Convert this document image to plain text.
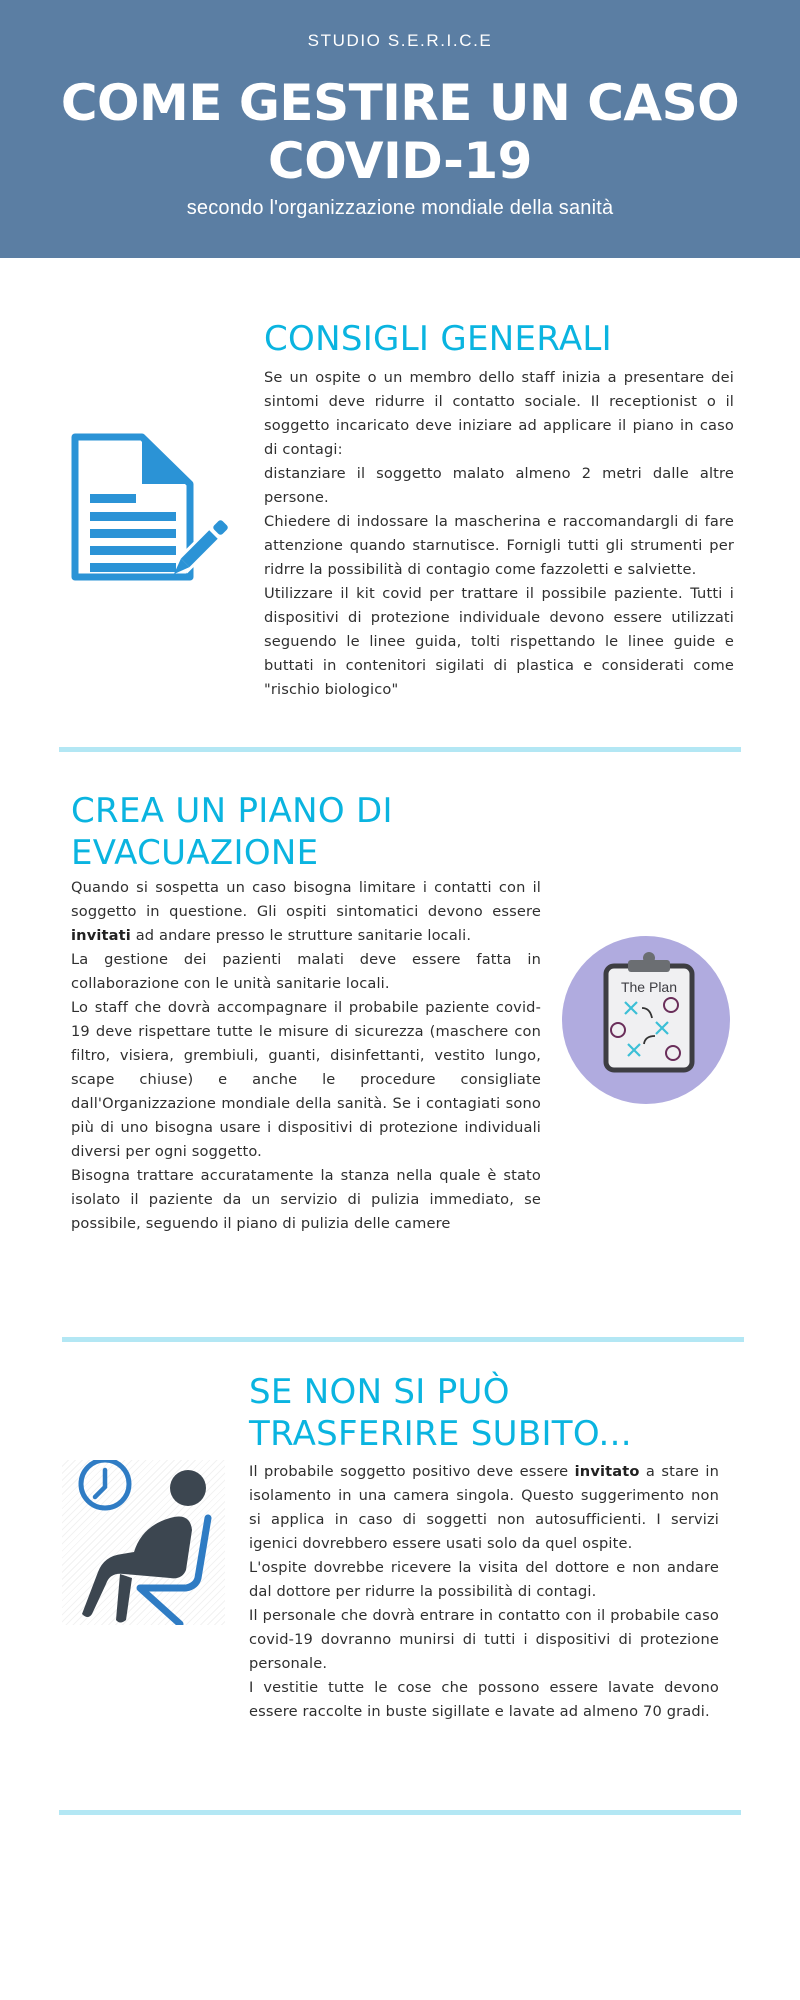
STUDIO S.E.R.I.C.E
COME GESTIRE UN CASO
COVID-19
secondo l'organizzazione mondiale della sanità
CONSIGLI GENERALI

Se un ospite o un membro dello staff inizia a presentare dei sintomi deve ridurre il contatto sociale. Il receptionist o il soggetto incaricato deve iniziare ad applicare il piano in caso di contagi:

distanziare il soggetto malato almeno 2 metri dalle altre persone.

Chiedere di indossare la mascherina e raccomandargli di fare attenzione quando starnutisce. Fornigli tutti gli strumenti per ridrre la possibilità di contagio come fazzoletti e salviette.

Utilizzare il kit covid per trattare il possibile paziente. Tutti i dispositivi di protezione individuale devono essere utilizzati seguendo le linee guida, tolti rispettando le linee guide e buttati in contenitori sigilati di plastica e considerati come "rischio biologico"

CREA UN PIANO DI
EVACUAZIONE

Quando si sospetta un caso bisogna limitare i contatti con il soggetto in questione. Gli ospiti sintomatici devono essere invitati ad andare presso le strutture sanitarie locali.

La gestione dei pazienti malati deve essere fatta in collaborazione con le unità sanitarie locali.

Lo staff che dovrà accompagnare il probabile paziente covid-19 deve rispettare tutte le misure di sicurezza (maschere con filtro, visiera, grembiuli, guanti, disinfettanti, vestito lungo, scape chiuse) e anche le procedure consigliate dall'Organizzazione mondiale della sanità. Se i contagiati sono più di uno bisogna usare i dispositivi di protezione individuali diversi per ogni soggetto.

Bisogna trattare accuratamente la stanza nella quale è stato isolato il paziente da un servizio di pulizia immediato, se possibile, seguendo il piano di pulizia delle camere

The Plan
SE NON SI PUÒ
TRASFERIRE SUBITO...

Il probabile soggetto positivo deve essere invitato a stare in isolamento in una camera singola. Questo suggerimento non si applica in caso di soggetti non autosufficienti. I servizi igenici dovrebbero essere usati solo da quel ospite.

L'ospite dovrebbe ricevere la visita del dottore e non andare dal dottore per ridurre la possibilità di contagi.

Il personale che dovrà entrare in contatto con il probabile caso covid-19 dovranno munirsi di tutti i dispositivi di protezione personale.

I vestitie tutte le cose che possono essere lavate devono essere raccolte in buste sigillate e lavate ad almeno 70 gradi.
